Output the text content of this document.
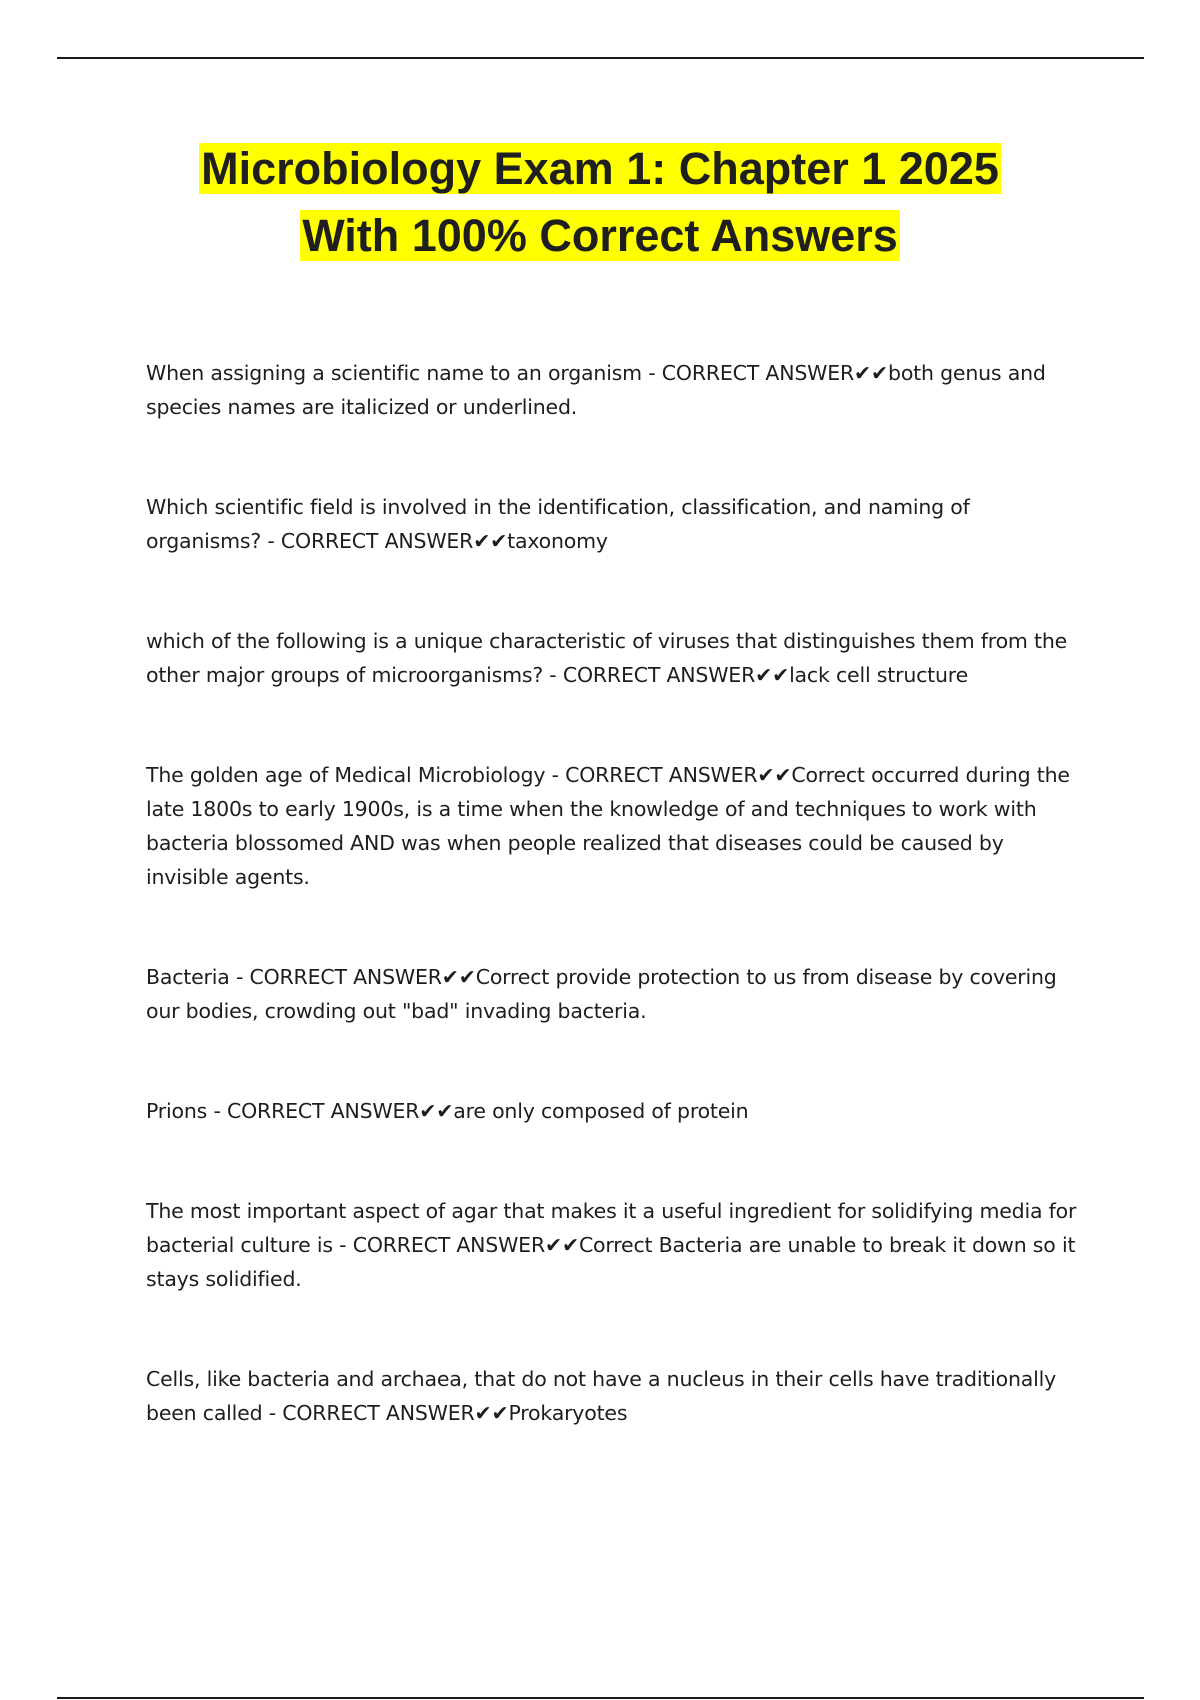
Microbiology Exam 1: Chapter 1 2025
With 100% Correct Answers
When assigning a scientific name to an organism - CORRECT ANSWER✔✔both genus and species names are italicized or underlined.
Which scientific field is involved in the identification, classification, and naming of organisms? - CORRECT ANSWER✔✔taxonomy
which of the following is a unique characteristic of viruses that distinguishes them from the other major groups of microorganisms? - CORRECT ANSWER✔✔lack cell structure
The golden age of Medical Microbiology - CORRECT ANSWER✔✔Correct occurred during the late 1800s to early 1900s, is a time when the knowledge of and techniques to work with bacteria blossomed AND was when people realized that diseases could be caused by invisible agents.
Bacteria - CORRECT ANSWER✔✔Correct provide protection to us from disease by covering our bodies, crowding out "bad" invading bacteria.
Prions - CORRECT ANSWER✔✔are only composed of protein
The most important aspect of agar that makes it a useful ingredient for solidifying media for bacterial culture is - CORRECT ANSWER✔✔Correct Bacteria are unable to break it down so it stays solidified.
Cells, like bacteria and archaea, that do not have a nucleus in their cells have traditionally been called - CORRECT ANSWER✔✔Prokaryotes
